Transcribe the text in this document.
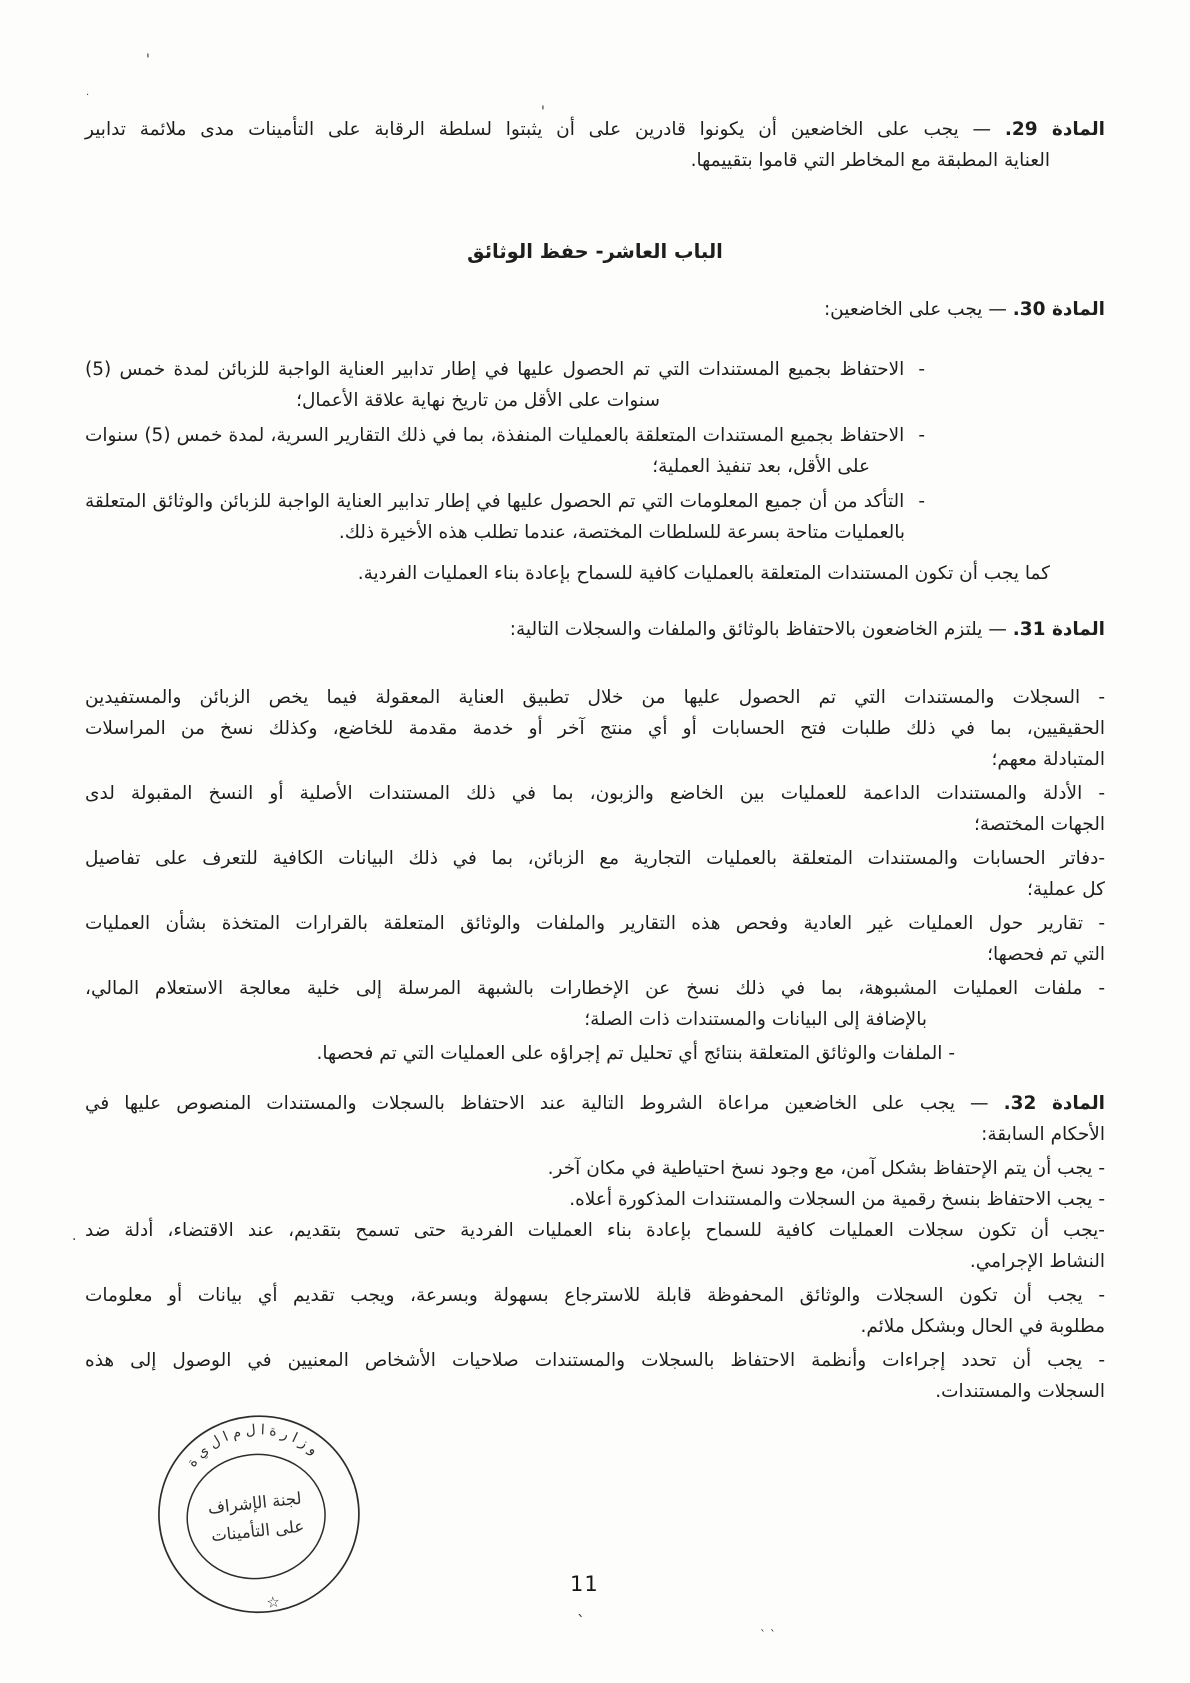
المادة 29. — يجب على الخاضعين أن يكونوا قادرين على أن يثبتوا لسلطة الرقابة على التأمينات مدى ملائمة تدابير
العناية المطبقة مع المخاطر التي قاموا بتقييمها.
الباب العاشر- حفظ الوثائق
المادة 30. — يجب على الخاضعين:
-الاحتفاظ بجميع المستندات التي تم الحصول عليها في إطار تدابير العناية الواجبة للزبائن لمدة خمس (5)
سنوات على الأقل من تاريخ نهاية علاقة الأعمال؛
-الاحتفاظ بجميع المستندات المتعلقة بالعمليات المنفذة، بما في ذلك التقارير السرية، لمدة خمس (5) سنوات
على الأقل، بعد تنفيذ العملية؛
-التأكد من أن جميع المعلومات التي تم الحصول عليها في إطار تدابير العناية الواجبة للزبائن والوثائق المتعلقة
بالعمليات متاحة بسرعة للسلطات المختصة، عندما تطلب هذه الأخيرة ذلك.
كما يجب أن تكون المستندات المتعلقة بالعمليات كافية للسماح بإعادة بناء العمليات الفردية.
المادة 31. — يلتزم الخاضعون بالاحتفاظ بالوثائق والملفات والسجلات التالية:
- السجلات والمستندات التي تم الحصول عليها من خلال تطبيق العناية المعقولة فيما يخص الزبائن والمستفيدين
الحقيقيين، بما في ذلك طلبات فتح الحسابات أو أي منتج آخر أو خدمة مقدمة للخاضع، وكذلك نسخ من المراسلات
المتبادلة معهم؛
- الأدلة والمستندات الداعمة للعمليات بين الخاضع والزبون، بما في ذلك المستندات الأصلية أو النسخ المقبولة لدى
الجهات المختصة؛
-دفاتر الحسابات والمستندات المتعلقة بالعمليات التجارية مع الزبائن، بما في ذلك البيانات الكافية للتعرف على تفاصيل
كل عملية؛
- تقارير حول العمليات غير العادية وفحص هذه التقارير والملفات والوثائق المتعلقة بالقرارات المتخذة بشأن العمليات
التي تم فحصها؛
- ملفات العمليات المشبوهة، بما في ذلك نسخ عن الإخطارات بالشبهة المرسلة إلى خلية معالجة الاستعلام المالي،
بالإضافة إلى البيانات والمستندات ذات الصلة؛
- الملفات والوثائق المتعلقة بنتائج أي تحليل تم إجراؤه على العمليات التي تم فحصها.
المادة 32. — يجب على الخاضعين مراعاة الشروط التالية عند الاحتفاظ بالسجلات والمستندات المنصوص عليها في
الأحكام السابقة:
- يجب أن يتم الإحتفاظ بشكل آمن، مع وجود نسخ احتياطية في مكان آخر.
- يجب الاحتفاظ بنسخ رقمية من السجلات والمستندات المذكورة أعلاه.
-يجب أن تكون سجلات العمليات كافية للسماح بإعادة بناء العمليات الفردية حتى تسمح بتقديم، عند الاقتضاء، أدلة ضد
النشاط الإجرامي.
- يجب أن تكون السجلات والوثائق المحفوظة قابلة للاسترجاع بسهولة وبسرعة، ويجب تقديم أي بيانات أو معلومات
مطلوبة في الحال وبشكل ملائم.
- يجب أن تحدد إجراءات وأنظمة الاحتفاظ بالسجلات والمستندات صلاحيات الأشخاص المعنيين في الوصول إلى هذه
السجلات والمستندات.
و ز ا ر ة ا ل م ا ل ي ة
لجنة الإشراف
على التأمينات
☆
11
'
·
'
.
`
` `
